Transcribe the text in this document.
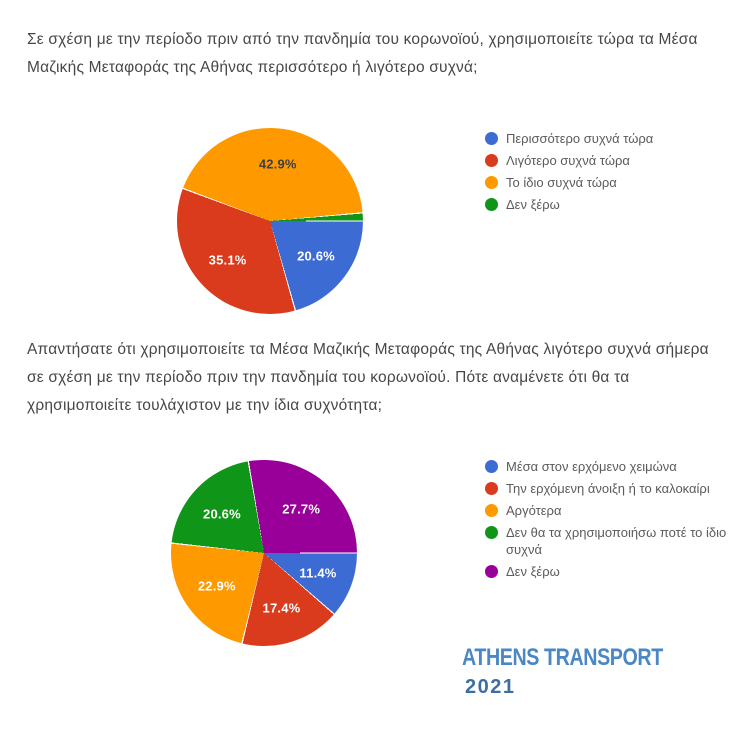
Σε σχέση με την περίοδο πριν από την πανδημία του κορωνοϊού, χρησιμοποιείτε τώρα τα Μέσα Μαζικής Μεταφοράς της Αθήνας περισσότερο ή λιγότερο συχνά;

20.6%
35.1%
42.9%
Περισσότερο συχνά τώρα
Λιγότερο συχνά τώρα
Το ίδιο συχνά τώρα
Δεν ξέρω

Απαντήσατε ότι χρησιμοποιείτε τα Μέσα Μαζικής Μεταφοράς της Αθήνας λιγότερο συχνά σήμερα σε σχέση με την περίοδο πριν την πανδημία του κορωνοϊού. Πότε αναμένετε ότι θα τα χρησιμοποιείτε τουλάχιστον με την ίδια συχνότητα;

11.4%
17.4%
22.9%
20.6%	27.7%
Μέσα στον ερχόμενο χειμώνα
Την ερχόμενη άνοιξη ή το καλοκαίρι
Αργότερα
Δεν θα τα χρησιμοποιήσω ποτέ το ίδιο συχνά
Δεν ξέρω
ATHENS TRANSPORT
2021
